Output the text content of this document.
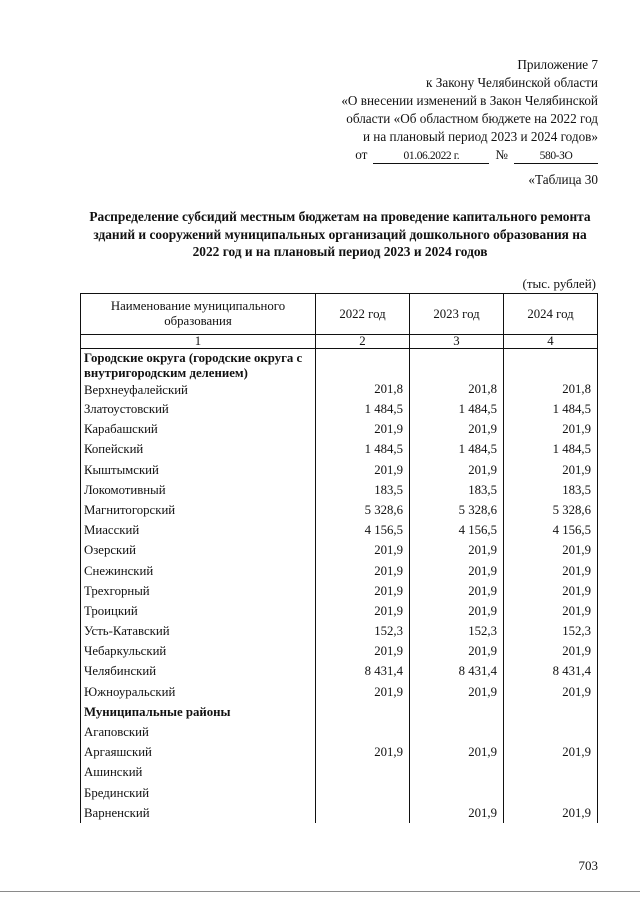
Приложение 7
к Закону Челябинской области
«О внесении изменений в Закон Челябинской
области «Об областном бюджете на 2022 год
и на плановый период 2023 и 2024 годов»
от	01.06.2022 г.	№	580-ЗО
«Таблица 30
Распределение субсидий местным бюджетам на проведение капитального ремонта зданий и сооружений муниципальных организаций дошкольного образования на 2022 год и на плановый период 2023 и 2024 годов
(тыс. рублей)
Наименование муниципального образования	2022 год	2023 год	2024 год
1	2	3	4

Городские округа (городские округа с внутригородским делением)
Верхнеуфалейский	201,8	201,8	201,8
Златоустовский	1 484,5	1 484,5	1 484,5
Карабашский	201,9	201,9	201,9
Копейский	1 484,5	1 484,5	1 484,5
Кыштымский	201,9	201,9	201,9
Локомотивный	183,5	183,5	183,5
Магнитогорский	5 328,6	5 328,6	5 328,6
Миасский	4 156,5	4 156,5	4 156,5
Озерский	201,9	201,9	201,9
Снежинский	201,9	201,9	201,9
Трехгорный	201,9	201,9	201,9
Троицкий	201,9	201,9	201,9
Усть-Катавский	152,3	152,3	152,3
Чебаркульский	201,9	201,9	201,9
Челябинский	8 431,4	8 431,4	8 431,4
Южноуральский	201,9	201,9	201,9
Муниципальные районы			
Агаповский			
Аргаяшский	201,9	201,9	201,9
Ашинский			
Брединский			
Варненский		201,9	201,9
703
